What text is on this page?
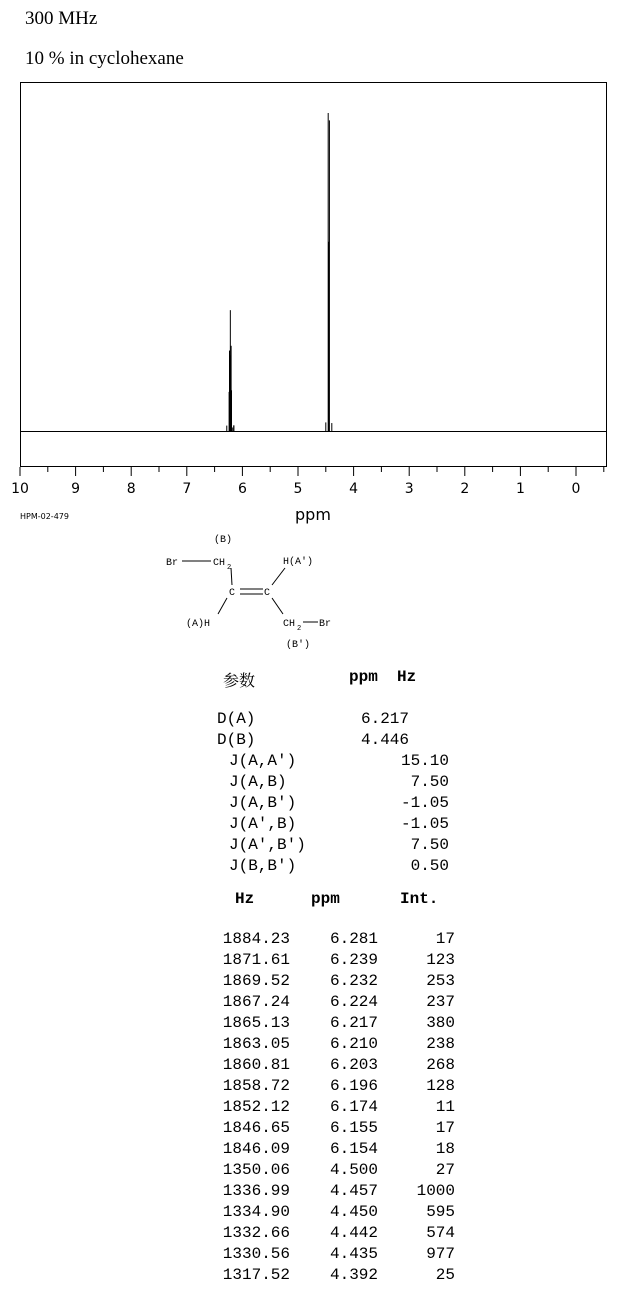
300 MHz
10 % in cyclohexane
10	9	8	7	6	5	4	3	2	1	0
HPM-02-479	ppm
(B)
Br	CH 2	H(A')
C	C
(A)H	CH 2 Br
(B')
参数	ppm  Hz
D(A)	6.217
D(B)	4.446
J(A,A')	15.10
J(A,B)	7.50
J(A,B')	-1.05
J(A',B)	-1.05
J(A',B')	7.50
J(B,B')	0.50
Hz	ppm	Int.
1884.23	6.281	17
1871.61	6.239	123
1869.52	6.232	253
1867.24	6.224	237
1865.13	6.217	380
1863.05	6.210	238
1860.81	6.203	268
1858.72	6.196	128
1852.12	6.174	11
1846.65	6.155	17
1846.09	6.154	18
1350.06	4.500	27
1336.99	4.457	1000
1334.90	4.450	595
1332.66	4.442	574
1330.56	4.435	977
1317.52	4.392	25
